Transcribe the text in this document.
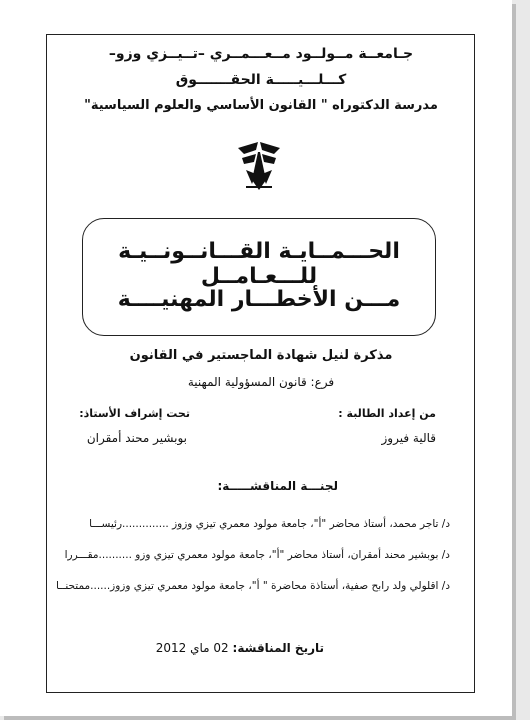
جـامعــة مــولــود مــعـــمــري –تــيــزي وزو–
كـــلـــيـــــة الحقـــــــوق
مدرسة الدكتوراه " القانون الأساسي والعلوم السياسية"
الحـــمــايـة القـــانــونــيـة للـــعـامــل
مـــن الأخطـــار المهنيــــة
مذكرة لنيل شهادة الماجستير في القانون
فرع: قانون المسؤولية المهنية
من إعداد الطالبة :
قالية فيروز
تحت إشراف الأستاذ:
بوبشير محند أمقران
لجنـــة المناقشـــــة:
د/ تاجر محمد، أستاذ محاضر "أ"، جامعة مولود معمري تيزي وزوز ..............رئيســـا
د/ بوبشير محند أمقران، أستاذ محاضر "أ"، جامعة مولود معمري تيزي وزو ..........مقـــررا
د/ اقلولي ولد رابح صفية، أستاذة محاضرة " أ"، جامعة مولود معمري تيزي وزوز......ممتحنــا
تاريخ المناقشة: 02 ماي 2012
